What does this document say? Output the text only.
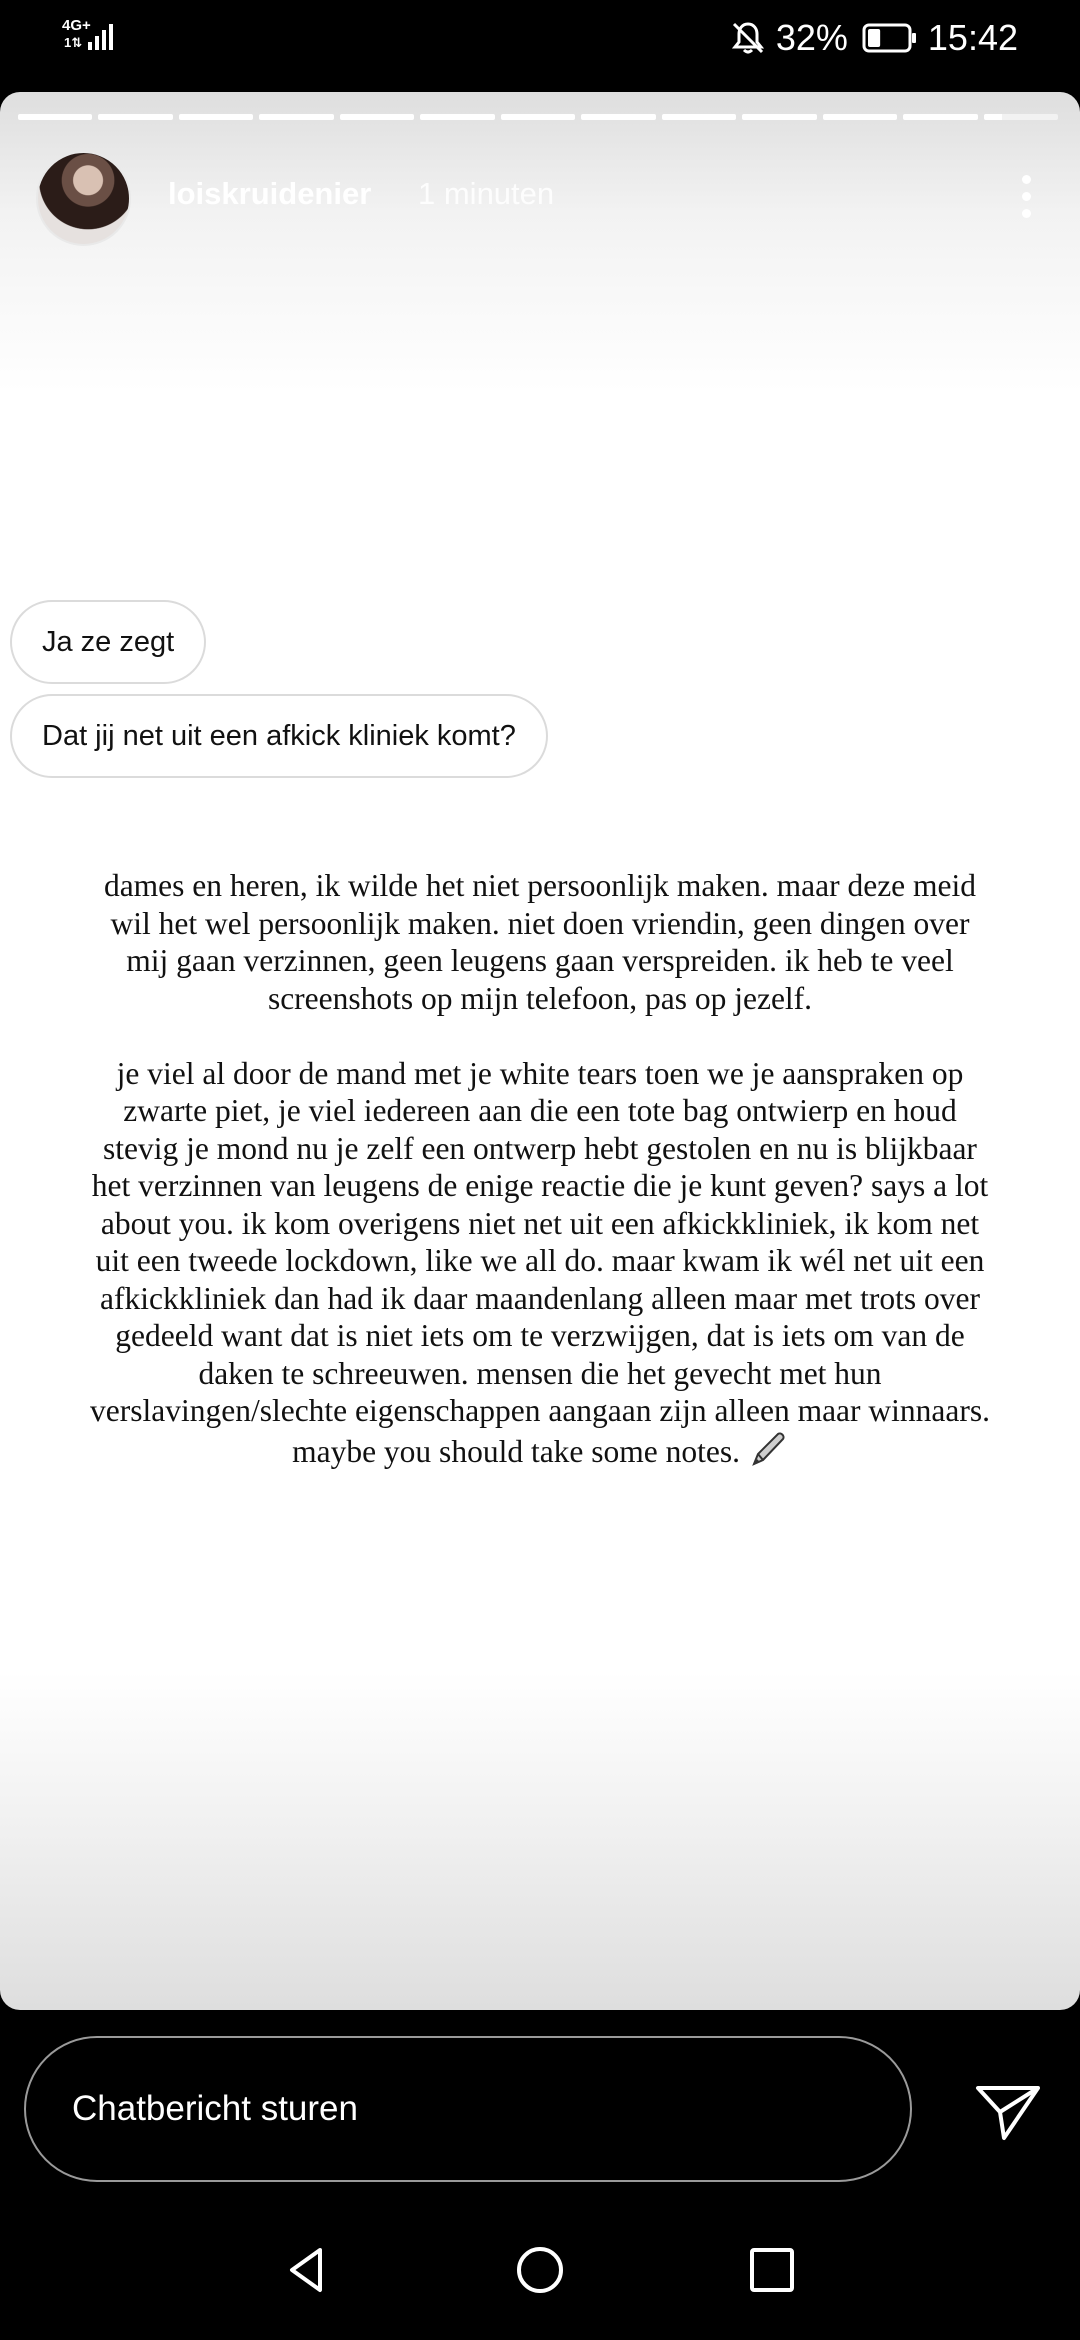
4G+
1⇅	32% 15:42
loiskruidenier 1 minuten
Ja ze zegt
Dat jij net uit een afkick kliniek komt?
dames en heren, ik wilde het niet persoonlijk maken. maar deze meid wil het wel persoonlijk maken. niet doen vriendin, geen dingen over mij gaan verzinnen, geen leugens gaan verspreiden. ik heb te veel screenshots op mijn telefoon, pas op jezelf.
je viel al door de mand met je white tears toen we je aanspraken op zwarte piet, je viel iedereen aan die een tote bag ontwierp en houd stevig je mond nu je zelf een ontwerp hebt gestolen en nu is blijkbaar het verzinnen van leugens de enige reactie die je kunt geven? says a lot about you. ik kom overigens niet net uit een afkickkliniek, ik kom net uit een tweede lockdown, like we all do. maar kwam ik wél net uit een afkickkliniek dan had ik daar maandenlang alleen maar met trots over gedeeld want dat is niet iets om te verzwijgen, dat is iets om van de daken te schreeuwen. mensen die het gevecht met hun verslavingen/slechte eigenschappen aangaan zijn alleen maar winnaars. maybe you should take some notes.
Chatbericht sturen
